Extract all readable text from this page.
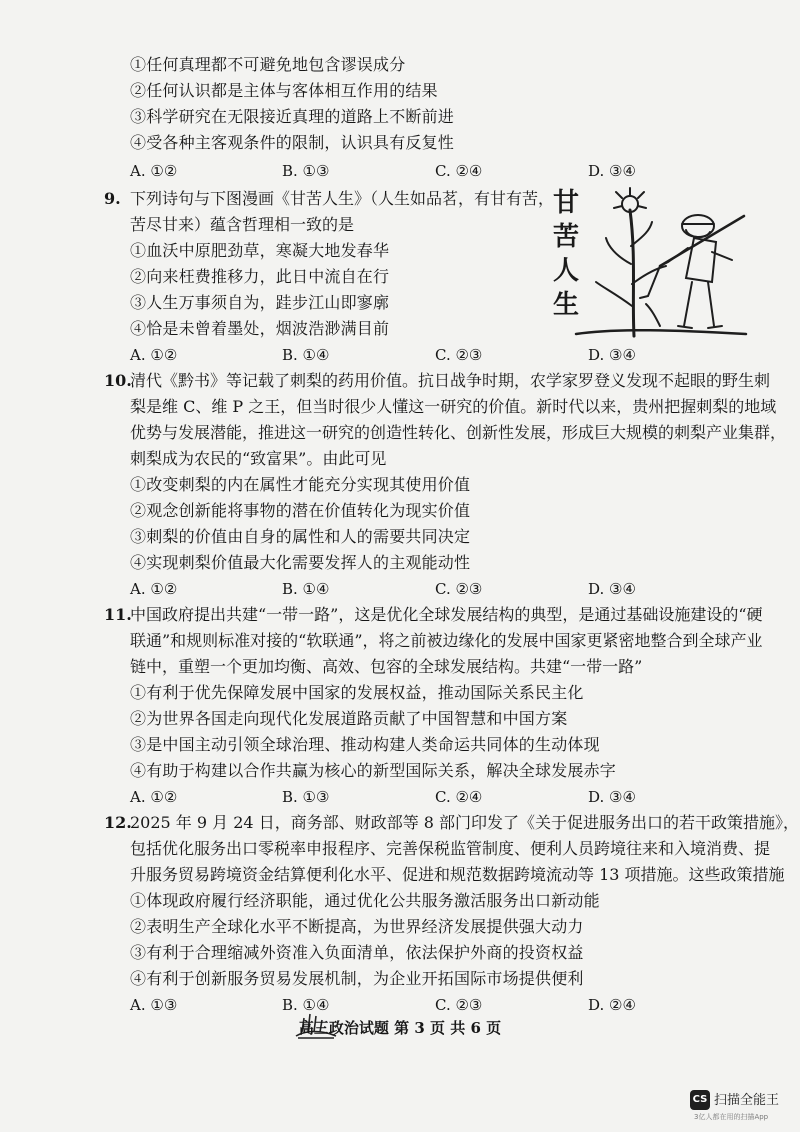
①任何真理都不可避免地包含谬误成分
②任何认识都是主体与客体相互作用的结果
③科学研究在无限接近真理的道路上不断前进
④受各种主客观条件的限制，认识具有反复性
A. ①②	B. ①③	C. ②④	D. ③④
9. 下列诗句与下图漫画《甘苦人生》（人生如品茗，有甘有苦，
苦尽甘来）蕴含哲理相一致的是
①血沃中原肥劲草，寒凝大地发春华
②向来枉费推移力，此日中流自在行
③人生万事须自为，跬步江山即寥廓
④恰是未曾着墨处，烟波浩渺满目前
A. ①②	B. ①④	C. ②③	D. ③④
甘
苦
人
生
10.
清代《黔书》等记载了刺梨的药用价值。抗日战争时期，农学家罗登义发现不起眼的野生刺
梨是维 C、维 P 之王，但当时很少人懂这一研究的价值。新时代以来，贵州把握刺梨的地域
优势与发展潜能，推进这一研究的创造性转化、创新性发展，形成巨大规模的刺梨产业集群，
刺梨成为农民的“致富果”。由此可见
①改变刺梨的内在属性才能充分实现其使用价值
②观念创新能将事物的潜在价值转化为现实价值
③刺梨的价值由自身的属性和人的需要共同决定
④实现刺梨价值最大化需要发挥人的主观能动性
A. ①②	B. ①④	C. ②③	D. ③④
11.
中国政府提出共建“一带一路”，这是优化全球发展结构的典型，是通过基础设施建设的“硬
联通”和规则标准对接的“软联通”，将之前被边缘化的发展中国家更紧密地整合到全球产业
链中，重塑一个更加均衡、高效、包容的全球发展结构。共建“一带一路”
①有利于优先保障发展中国家的发展权益，推动国际关系民主化
②为世界各国走向现代化发展道路贡献了中国智慧和中国方案
③是中国主动引领全球治理、推动构建人类命运共同体的生动体现
④有助于构建以合作共赢为核心的新型国际关系，解决全球发展赤字
A. ①②	B. ①③	C. ②④	D. ③④
12.
2025 年 9 月 24 日，商务部、财政部等 8 部门印发了《关于促进服务出口的若干政策措施》，
包括优化服务出口零税率申报程序、完善保税监管制度、便利人员跨境往来和入境消费、提
升服务贸易跨境资金结算便利化水平、促进和规范数据跨境流动等 13 项措施。这些政策措施
①体现政府履行经济职能，通过优化公共服务激活服务出口新动能
②表明生产全球化水平不断提高，为世界经济发展提供强大动力
③有利于合理缩减外资准入负面清单，依法保护外商的投资权益
④有利于创新服务贸易发展机制，为企业开拓国际市场提供便利
A. ①③	B. ①④	C. ②③	D. ②④
高三政治试题 第 3 页 共 6 页
CS 扫描全能王
3亿人都在用的扫描App
